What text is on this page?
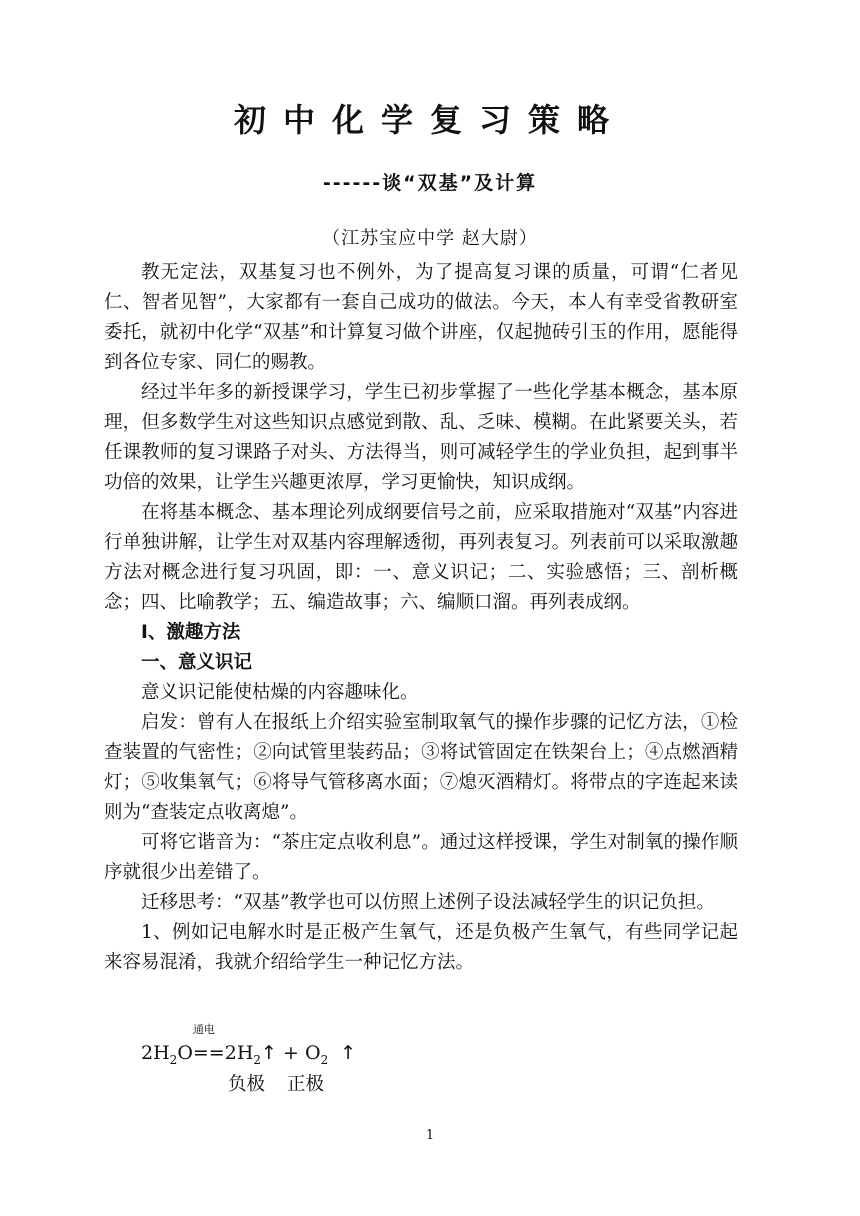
初中化学复习策略
------谈“双基”及计算
（江苏宝应中学 赵大尉）

教无定法，双基复习也不例外，为了提高复习课的质量，可谓“仁者见仁、智者见智”，大家都有一套自己成功的做法。今天，本人有幸受省教研室委托，就初中化学“双基”和计算复习做个讲座，仅起抛砖引玉的作用，愿能得到各位专家、同仁的赐教。

经过半年多的新授课学习，学生已初步掌握了一些化学基本概念，基本原理，但多数学生对这些知识点感觉到散、乱、乏味、模糊。在此紧要关头，若任课教师的复习课路子对头、方法得当，则可减轻学生的学业负担，起到事半功倍的效果，让学生兴趣更浓厚，学习更愉快，知识成纲。

在将基本概念、基本理论列成纲要信号之前，应采取措施对“双基”内容进行单独讲解，让学生对双基内容理解透彻，再列表复习。列表前可以采取激趣方法对概念进行复习巩固，即：一、意义识记；二、实验感悟；三、剖析概念；四、比喻教学；五、编造故事；六、编顺口溜。再列表成纲。

Ⅰ、激趣方法

一、意义识记

意义识记能使枯燥的内容趣味化。

启发：曾有人在报纸上介绍实验室制取氧气的操作步骤的记忆方法，①检查装置的气密性；②向试管里装药品；③将试管固定在铁架台上；④点燃酒精灯；⑤收集氧气；⑥将导气管移离水面；⑦熄灭酒精灯。将带点的字连起来读则为“查装定点收离熄”。

可将它谐音为：“茶庄定点收利息”。通过这样授课，学生对制氧的操作顺序就很少出差错了。

迁移思考：“双基”教学也可以仿照上述例子设法减轻学生的识记负担。

1、例如记电解水时是正极产生氧气，还是负极产生氧气，有些同学记起来容易混淆，我就介绍给学生一种记忆方法。

$2H_2O$
通电
$==2H_2↑ + O_2$ ↑
负极 正极
1
